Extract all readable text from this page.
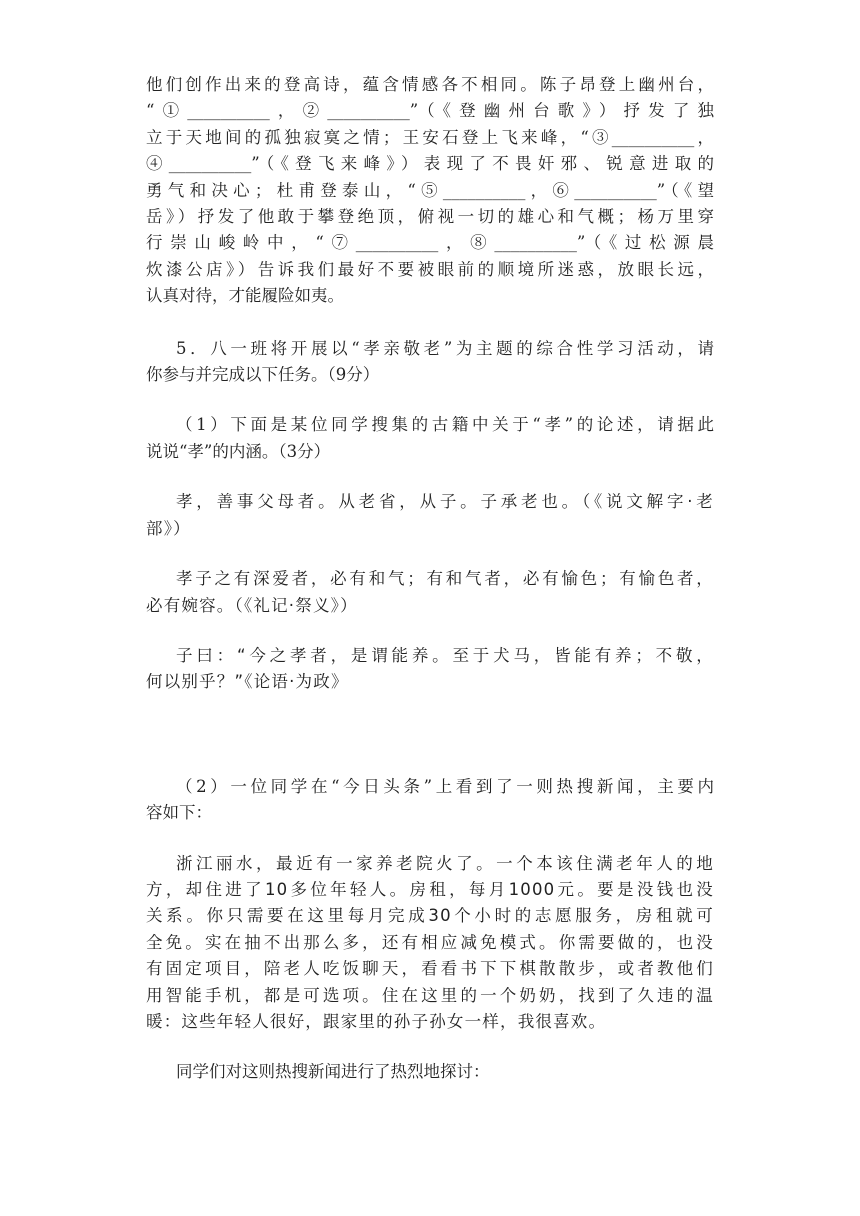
他们创作出来的登高诗，蕴含情感各不相同。陈子昂登上幽州台，
“①__________，②__________”（《登幽州台歌》）抒发了独
立于天地间的孤独寂寞之情；王安石登上飞来峰，“③__________，
④__________”（《登飞来峰》）表现了不畏奸邪、锐意进取的
勇气和决心；杜甫登泰山，“⑤__________，⑥__________”（《望
岳》）抒发了他敢于攀登绝顶，俯视一切的雄心和气概；杨万里穿
行崇山峻岭中，“⑦__________，⑧__________”（《过松源晨
炊漆公店》）告诉我们最好不要被眼前的顺境所迷惑，放眼长远，
认真对待，才能履险如夷。

5．八一班将开展以“孝亲敬老”为主题的综合性学习活动，请
你参与并完成以下任务。（9分）

（1）下面是某位同学搜集的古籍中关于“孝”的论述，请据此
说说“孝”的内涵。（3分）

孝，善事父母者。从老省，从子。子承老也。（《说文解字·老
部》）

孝子之有深爱者，必有和气；有和气者，必有愉色；有愉色者，
必有婉容。（《礼记·祭义》）

子曰：“今之孝者，是谓能养。至于犬马，皆能有养；不敬，
何以别乎？”《论语·为政》

（2）一位同学在“今日头条”上看到了一则热搜新闻，主要内
容如下：

浙江丽水，最近有一家养老院火了。一个本该住满老年人的地
方，却住进了10多位年轻人。房租，每月1000元。要是没钱也没
关系。你只需要在这里每月完成30个小时的志愿服务，房租就可
全免。实在抽不出那么多，还有相应减免模式。你需要做的，也没
有固定项目，陪老人吃饭聊天，看看书下下棋散散步，或者教他们
用智能手机，都是可选项。住在这里的一个奶奶，找到了久违的温
暖：这些年轻人很好，跟家里的孙子孙女一样，我很喜欢。

同学们对这则热搜新闻进行了热烈地探讨：
